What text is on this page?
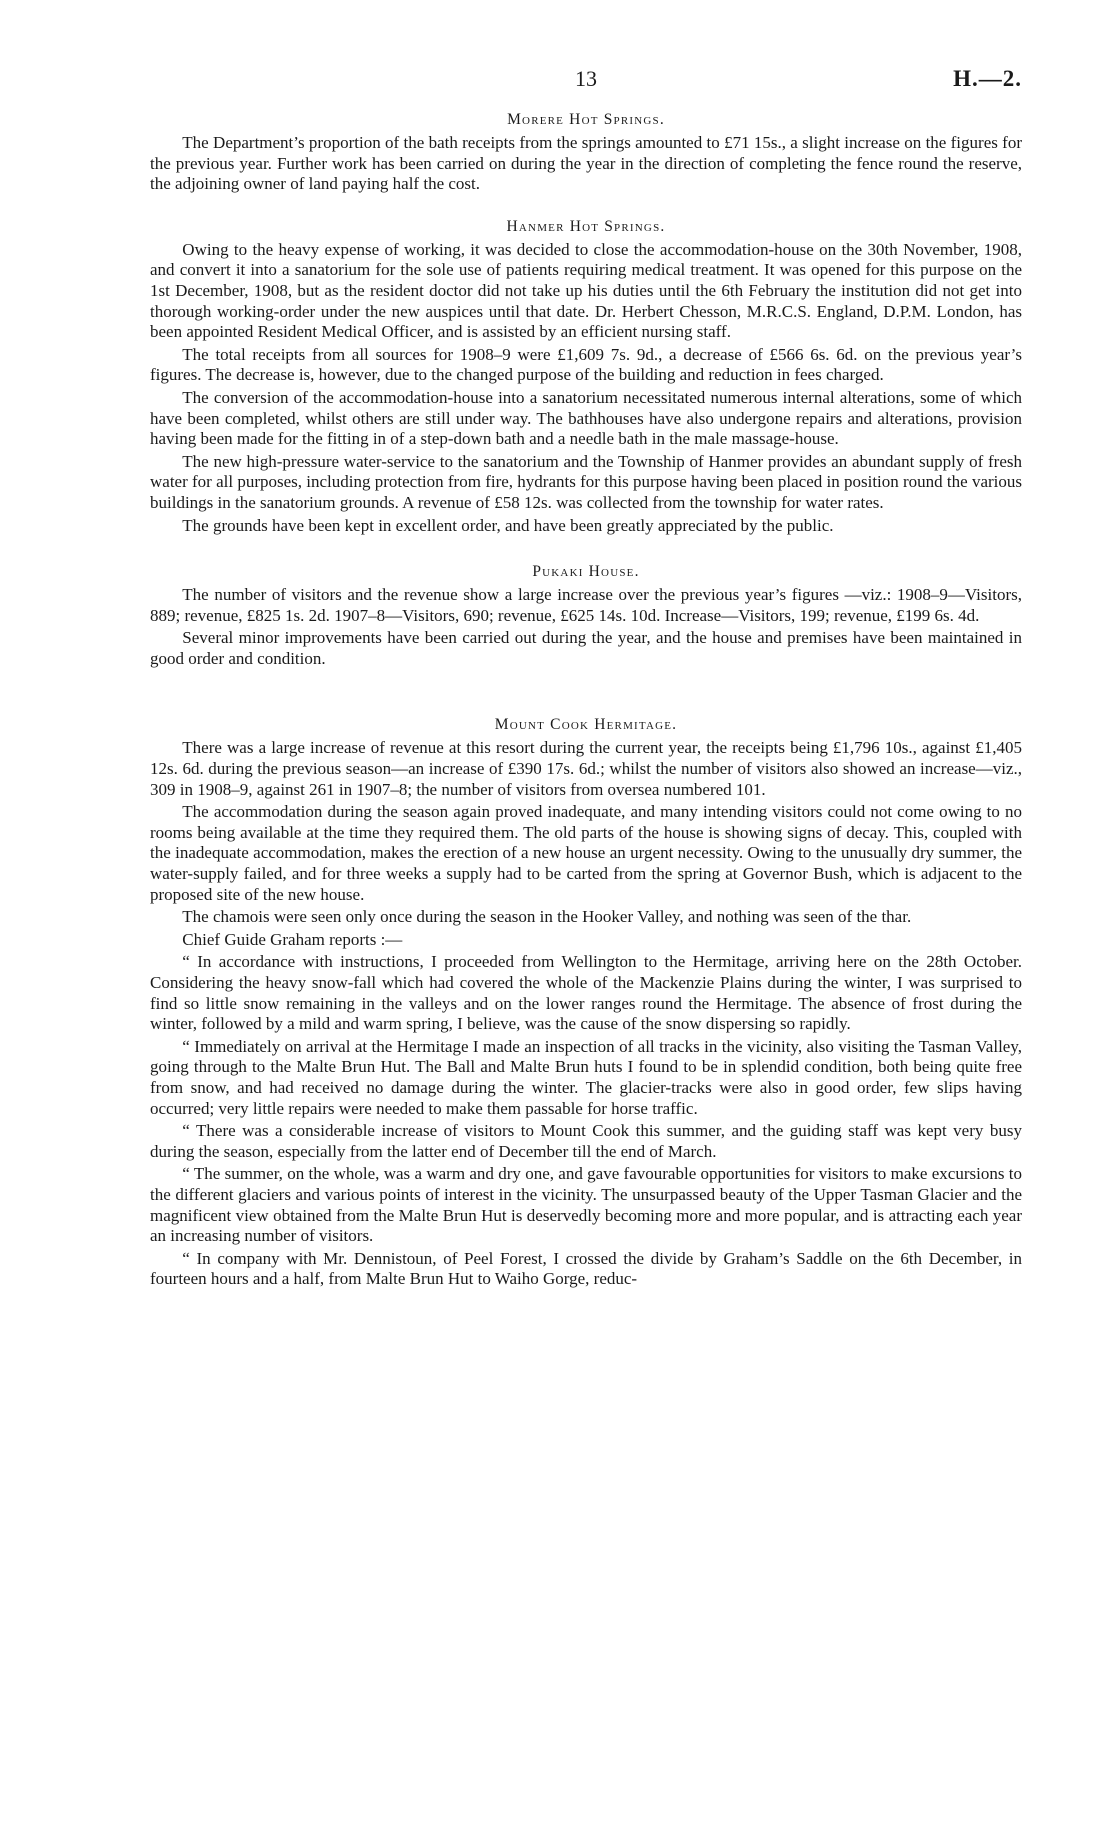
13	H.—2.
Morere Hot Springs.

The Department’s proportion of the bath receipts from the springs amounted to £71 15s., a slight increase on the figures for the previous year. Further work has been carried on during the year in the direction of completing the fence round the reserve, the adjoining owner of land paying half the cost.

Hanmer Hot Springs.

Owing to the heavy expense of working, it was decided to close the accommodation-house on the 30th November, 1908, and convert it into a sanatorium for the sole use of patients requiring medical treatment. It was opened for this purpose on the 1st December, 1908, but as the resident doctor did not take up his duties until the 6th February the institution did not get into thorough working-order under the new auspices until that date. Dr. Herbert Chesson, M.R.C.S. England, D.P.M. London, has been appointed Resident Medical Officer, and is assisted by an efficient nursing staff.

The total receipts from all sources for 1908–9 were £1,609 7s. 9d., a decrease of £566 6s. 6d. on the previous year’s figures. The decrease is, however, due to the changed purpose of the building and reduction in fees charged.

The conversion of the accommodation-house into a sanatorium necessitated numerous internal alterations, some of which have been completed, whilst others are still under way. The bathhouses have also undergone repairs and alterations, provision having been made for the fitting in of a step-down bath and a needle bath in the male massage-house.

The new high-pressure water-service to the sanatorium and the Township of Hanmer provides an abundant supply of fresh water for all purposes, including protection from fire, hydrants for this purpose having been placed in position round the various buildings in the sanatorium grounds. A revenue of £58 12s. was collected from the township for water rates.

The grounds have been kept in excellent order, and have been greatly appreciated by the public.

Pukaki House.

The number of visitors and the revenue show a large increase over the previous year’s figures —viz.: 1908–9—Visitors, 889; revenue, £825 1s. 2d. 1907–8—Visitors, 690; revenue, £625 14s. 10d. Increase—Visitors, 199; revenue, £199 6s. 4d.

Several minor improvements have been carried out during the year, and the house and premises have been maintained in good order and condition.

Mount Cook Hermitage.

There was a large increase of revenue at this resort during the current year, the receipts being £1,796 10s., against £1,405 12s. 6d. during the previous season—an increase of £390 17s. 6d.; whilst the number of visitors also showed an increase—viz., 309 in 1908–9, against 261 in 1907–8; the number of visitors from oversea numbered 101.

The accommodation during the season again proved inadequate, and many intending visitors could not come owing to no rooms being available at the time they required them. The old parts of the house is showing signs of decay. This, coupled with the inadequate accommodation, makes the erection of a new house an urgent necessity. Owing to the unusually dry summer, the water-supply failed, and for three weeks a supply had to be carted from the spring at Governor Bush, which is adjacent to the proposed site of the new house.

The chamois were seen only once during the season in the Hooker Valley, and nothing was seen of the thar.

Chief Guide Graham reports :—

“ In accordance with instructions, I proceeded from Wellington to the Hermitage, arriving here on the 28th October. Considering the heavy snow-fall which had covered the whole of the Mackenzie Plains during the winter, I was surprised to find so little snow remaining in the valleys and on the lower ranges round the Hermitage. The absence of frost during the winter, followed by a mild and warm spring, I believe, was the cause of the snow dispersing so rapidly.

“ Immediately on arrival at the Hermitage I made an inspection of all tracks in the vicinity, also visiting the Tasman Valley, going through to the Malte Brun Hut. The Ball and Malte Brun huts I found to be in splendid condition, both being quite free from snow, and had received no damage during the winter. The glacier-tracks were also in good order, few slips having occurred; very little repairs were needed to make them passable for horse traffic.

“ There was a considerable increase of visitors to Mount Cook this summer, and the guiding staff was kept very busy during the season, especially from the latter end of December till the end of March.

“ The summer, on the whole, was a warm and dry one, and gave favourable opportunities for visitors to make excursions to the different glaciers and various points of interest in the vicinity. The unsurpassed beauty of the Upper Tasman Glacier and the magnificent view obtained from the Malte Brun Hut is deservedly becoming more and more popular, and is attracting each year an increasing number of visitors.

“ In company with Mr. Dennistoun, of Peel Forest, I crossed the divide by Graham’s Saddle on the 6th December, in fourteen hours and a half, from Malte Brun Hut to Waiho Gorge, reduc-
